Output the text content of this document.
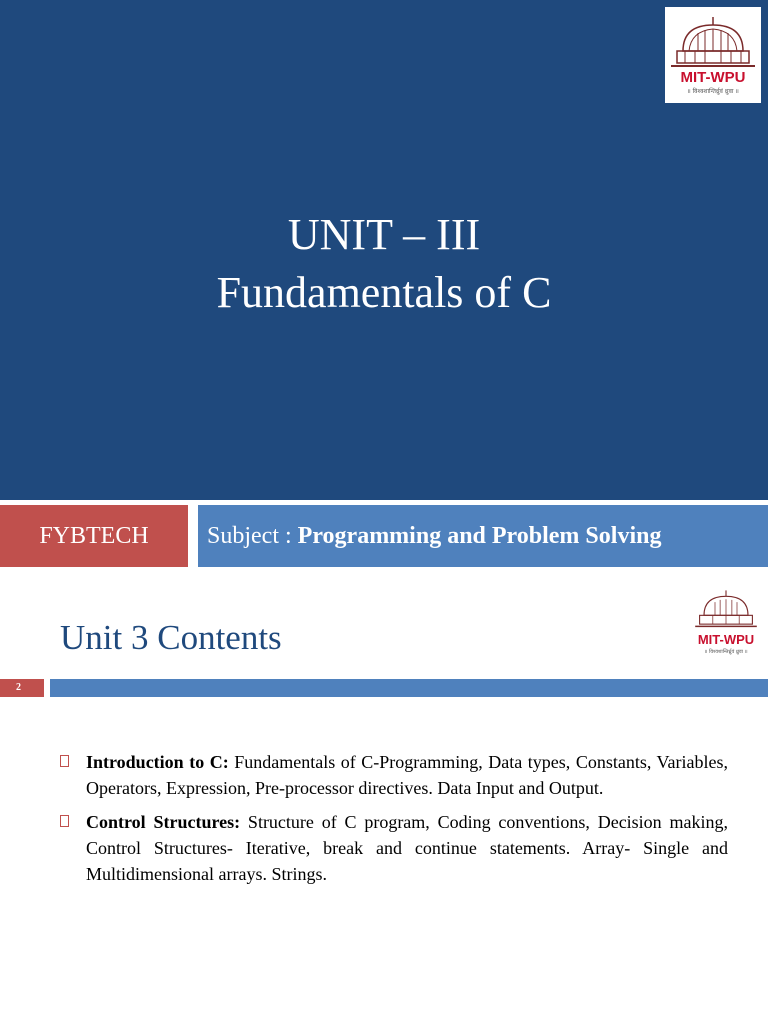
UNIT – III
Fundamentals of C
MIT-WPU
॥ विश्वशान्तिर्ध्रुवं ध्रुवा ॥
FYBTECH	Subject : Programming and Problem Solving
Unit 3 Contents	MIT-WPU
॥ विश्वशान्तिर्ध्रुवं ध्रुवा ॥
2
Introduction to C: Fundamentals of C-Programming, Data types, Constants, Variables, Operators, Expression, Pre-processor directives. Data Input and Output.
Control Structures: Structure of C program, Coding conventions, Decision making, Control Structures- Iterative, break and continue statements. Array- Single and Multidimensional arrays. Strings.
